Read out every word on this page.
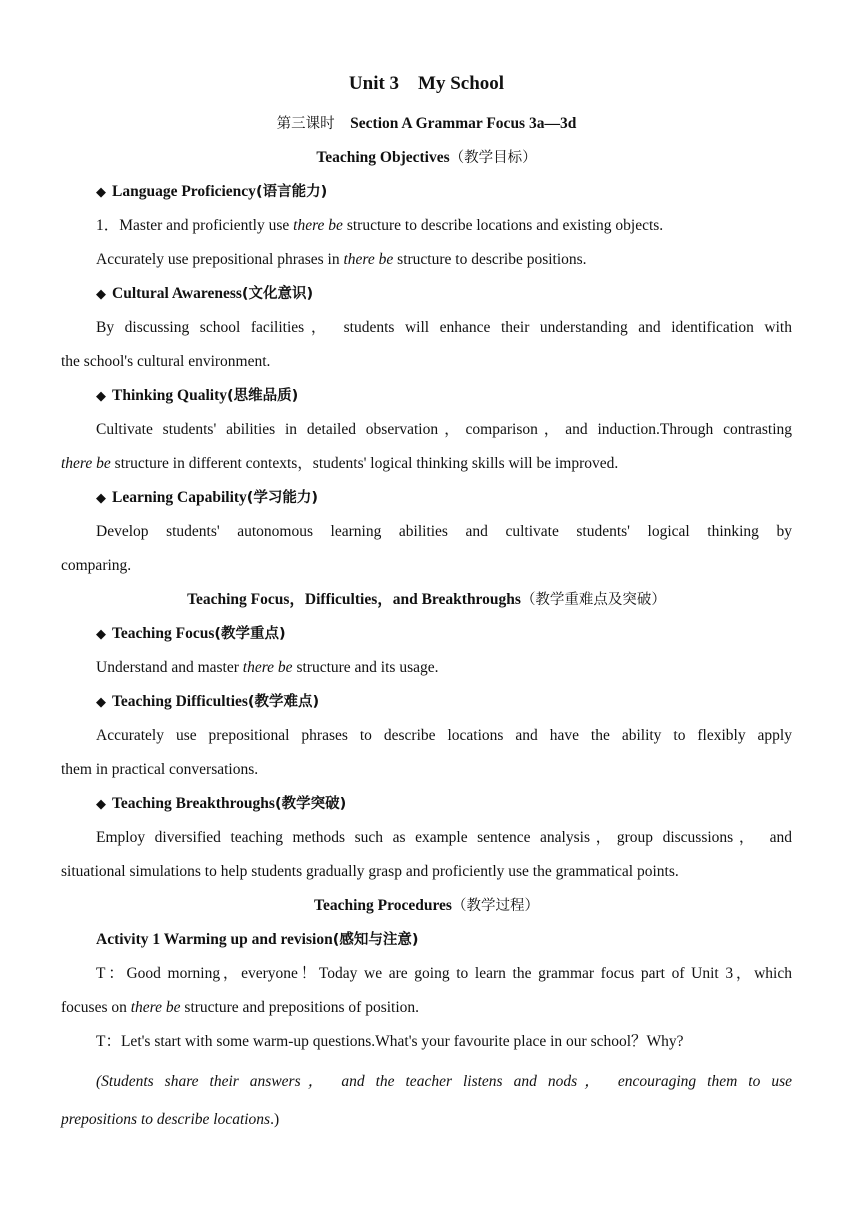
Unit 3 My School
第三课时 Section A Grammar Focus 3a—3d
Teaching Objectives（教学目标）
◆ Language Proficiency(语言能力)
1．Master and proficiently use there be structure to describe locations and existing objects.
Accurately use prepositional phrases in there be structure to describe positions.
◆ Cultural Awareness(文化意识)
By discussing school facilities， students will enhance their understanding and identification with
the school's cultural environment.
◆ Thinking Quality(思维品质)
Cultivate students' abilities in detailed observation，comparison，and induction.Through contrasting
there be structure in different contexts，students' logical thinking skills will be improved.
◆ Learning Capability(学习能力)
Develop students' autonomous learning abilities and cultivate students' logical thinking by
comparing.
Teaching Focus，Difficulties，and Breakthroughs（教学重难点及突破）
◆ Teaching Focus(教学重点)
Understand and master there be structure and its usage.
◆ Teaching Difficulties(教学难点)
Accurately use prepositional phrases to describe locations and have the ability to flexibly apply
them in practical conversations.
◆ Teaching Breakthroughs(教学突破)
Employ diversified teaching methods such as example sentence analysis，group discussions， and
situational simulations to help students gradually grasp and proficiently use the grammatical points.
Teaching Procedures（教学过程）
Activity 1 Warming up and revision(感知与注意)
T：Good morning，everyone！Today we are going to learn the grammar focus part of Unit 3，which
focuses on there be structure and prepositions of position.
T：Let's start with some warm-up questions.What's your favourite place in our school？Why?
(Students share their answers， and the teacher listens and nods， encouraging them to use
prepositions to describe locations.)
